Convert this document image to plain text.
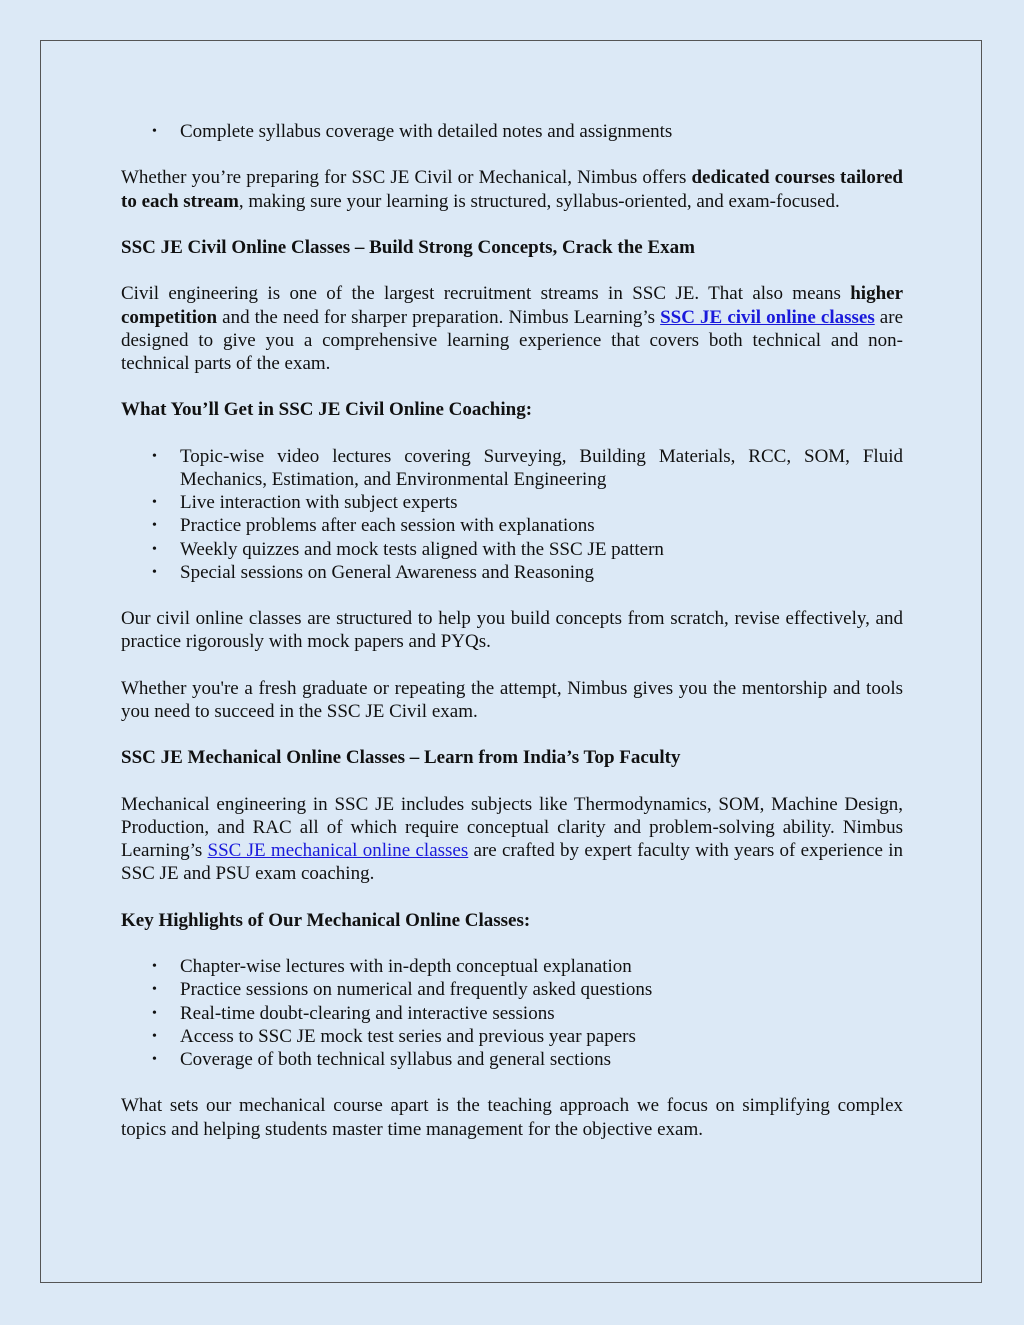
• Complete syllabus coverage with detailed notes and assignments

Whether you’re preparing for SSC JE Civil or Mechanical, Nimbus offers dedicated courses tailored to each stream, making sure your learning is structured, syllabus-oriented, and exam-focused.

SSC JE Civil Online Classes – Build Strong Concepts, Crack the Exam

Civil engineering is one of the largest recruitment streams in SSC JE. That also means higher competition and the need for sharper preparation. Nimbus Learning’s SSC JE civil online classes are designed to give you a comprehensive learning experience that covers both technical and non-technical parts of the exam.

What You’ll Get in SSC JE Civil Online Coaching:
• Topic-wise video lectures covering Surveying, Building Materials, RCC, SOM, Fluid Mechanics, Estimation, and Environmental Engineering
• Live interaction with subject experts
• Practice problems after each session with explanations
• Weekly quizzes and mock tests aligned with the SSC JE pattern
• Special sessions on General Awareness and Reasoning

Our civil online classes are structured to help you build concepts from scratch, revise effectively, and practice rigorously with mock papers and PYQs.

Whether you're a fresh graduate or repeating the attempt, Nimbus gives you the mentorship and tools you need to succeed in the SSC JE Civil exam.

SSC JE Mechanical Online Classes – Learn from India’s Top Faculty

Mechanical engineering in SSC JE includes subjects like Thermodynamics, SOM, Machine Design, Production, and RAC all of which require conceptual clarity and problem-solving ability. Nimbus Learning’s SSC JE mechanical online classes are crafted by expert faculty with years of experience in SSC JE and PSU exam coaching.

Key Highlights of Our Mechanical Online Classes:
• Chapter-wise lectures with in-depth conceptual explanation
• Practice sessions on numerical and frequently asked questions
• Real-time doubt-clearing and interactive sessions
• Access to SSC JE mock test series and previous year papers
• Coverage of both technical syllabus and general sections

What sets our mechanical course apart is the teaching approach we focus on simplifying complex topics and helping students master time management for the objective exam.
